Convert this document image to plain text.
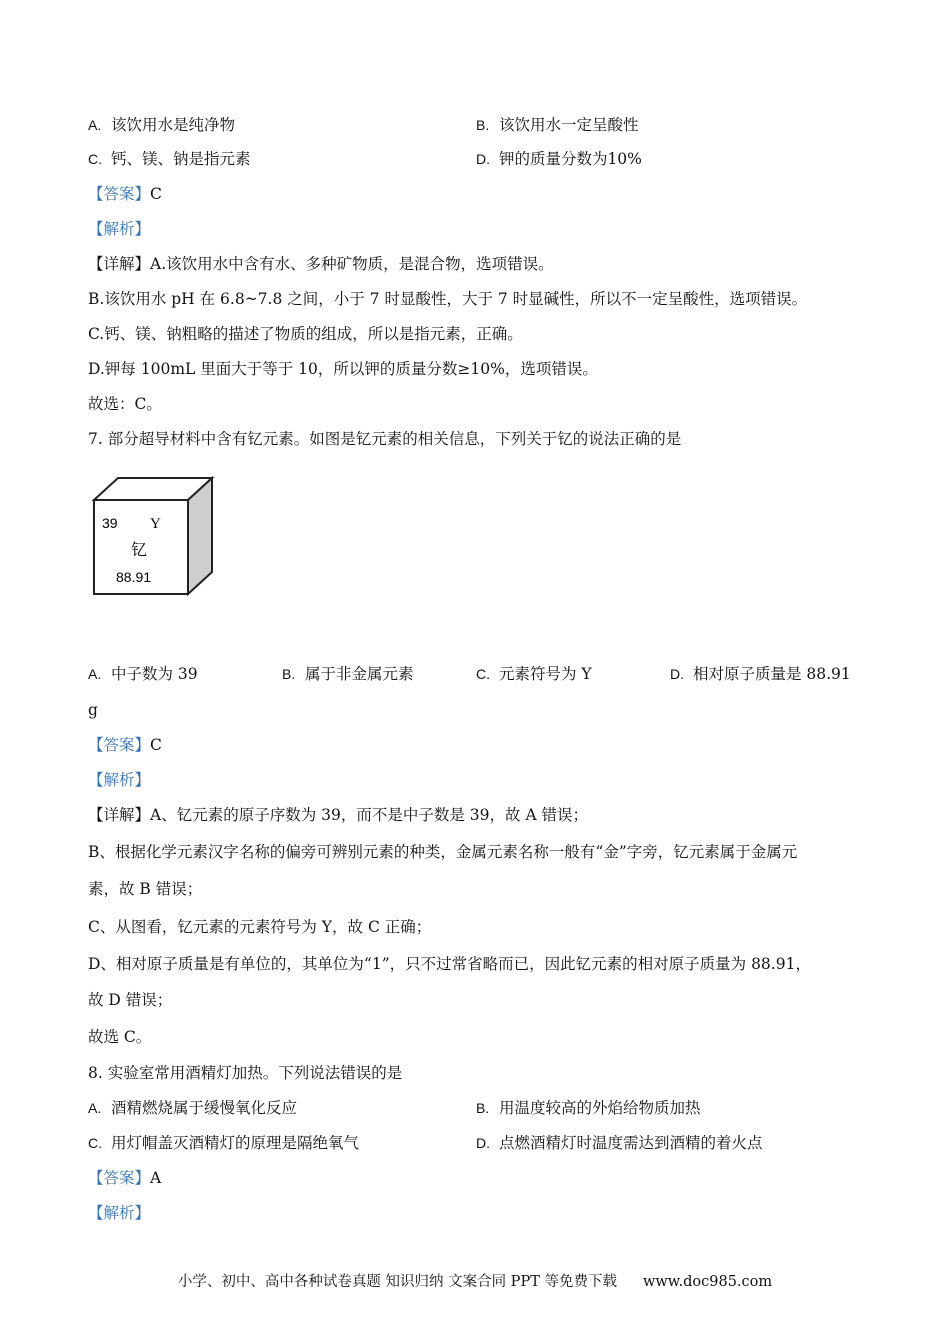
A. 该饮用水是纯净物	B. 该饮用水一定呈酸性
C. 钙、镁、钠是指元素	D. 钾的质量分数为10%
【答案】C
【解析】
【详解】A.该饮用水中含有水、多种矿物质，是混合物，选项错误。
B.该饮用水 pH 在 6.8~7.8 之间，小于 7 时显酸性，大于 7 时显碱性，所以不一定呈酸性，选项错误。
C.钙、镁、钠粗略的描述了物质的组成，所以是指元素，正确。
D.钾每 100mL 里面大于等于 10，所以钾的质量分数≥10%，选项错误。
故选：C。
7. 部分超导材料中含有钇元素。如图是钇元素的相关信息，下列关于钇的说法正确的是
39 Y
钇
88.91
A. 中子数为 39	B. 属于非金属元素	C. 元素符号为 Y	D. 相对原子质量是 88.91
g
【答案】C
【解析】
【详解】A、钇元素的原子序数为 39，而不是中子数是 39，故 A 错误；
B、根据化学元素汉字名称的偏旁可辨别元素的种类，金属元素名称一般有“金”字旁，钇元素属于金属元
素，故 B 错误；
C、从图看，钇元素的元素符号为 Y，故 C 正确；
D、相对原子质量是有单位的，其单位为“1”，只不过常省略而已，因此钇元素的相对原子质量为 88.91，
故 D 错误；
故选 C。
8. 实验室常用酒精灯加热。下列说法错误的是
A. 酒精燃烧属于缓慢氧化反应	B. 用温度较高的外焰给物质加热
C. 用灯帽盖灭酒精灯的原理是隔绝氧气	D. 点燃酒精灯时温度需达到酒精的着火点
【答案】A
【解析】
小学、初中、高中各种试卷真题 知识归纳 文案合同 PPT 等免费下载 www.doc985.com
